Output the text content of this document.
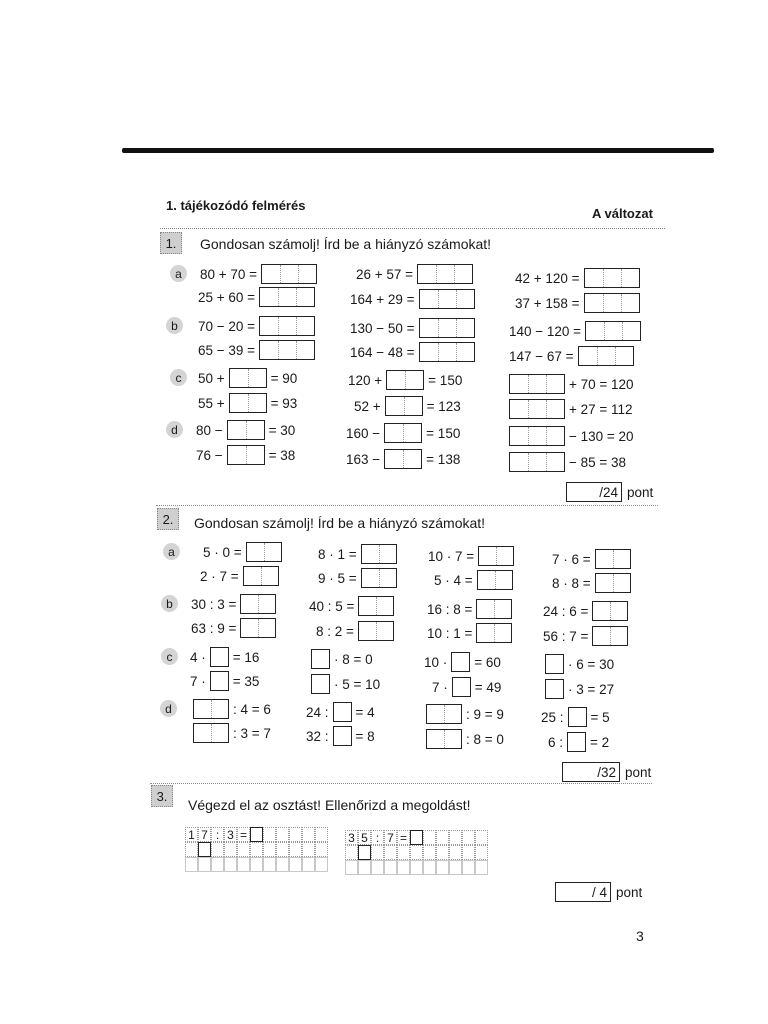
1. tájékozódó felmérés
A változat
1.	Gondosan számolj! Írd be a hiányzó számokat!
a
b
c
d
80 + 70 =	26 + 57 =	42 + 120 =
25 + 60 =	164 + 29 =	37 + 158 =
70 − 20 =	130 − 50 =	140 − 120 =
65 − 39 =	164 − 48 =	147 − 67 =
50 +	= 90	120 +	= 150	+ 70 = 120
55 +	= 93	52 +	= 123	+ 27 = 112
80 −	= 30	160 −	= 150	− 130 = 20
76 −	= 38	163 −	= 138	− 85 = 38
/24 pont
2.	Gondosan számolj! Írd be a hiányzó számokat!
a
b
c
d
5 · 0 =	8 · 1 =	10 · 7 =	7 · 6 =
2 · 7 =	9 · 5 =	5 · 4 =	8 · 8 =
30 : 3 =	40 : 5 =	16 : 8 =	24 : 6 =
63 : 9 =	8 : 2 =	10 : 1 =	56 : 7 =
4 · = 16	· 8 = 0	10 · = 60	· 6 = 30
7 · = 35	· 5 = 10	7 · = 49	· 3 = 27
: 4 = 6	24 : = 4	: 9 = 9	25 : = 5
: 3 = 7	32 : = 8	: 8 = 0	6 : = 2
/32 pont
3.
Végezd el az osztást! Ellenőrizd a megoldást!
1 7 : 3 =	3 5 : 7 =
/ 4 pont
3
